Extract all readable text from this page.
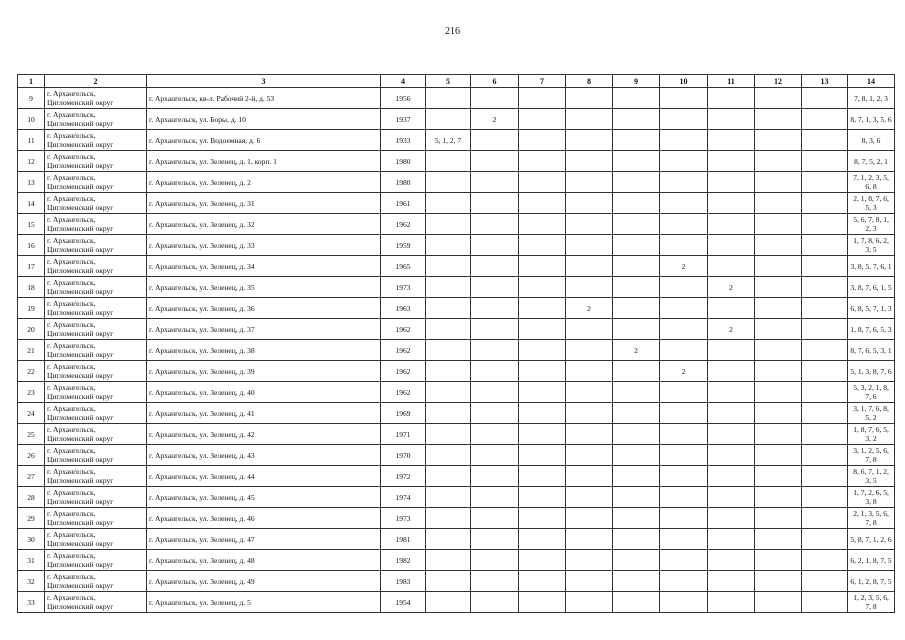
216
1	2	3	4	5	6	7	8	9	10	11	12	13	14
9	г. Архангельск,
Цигломенский округ	г. Архангельск, кв-л. Рабочий 2-й, д. 53	1956										7, 8, 1, 2, 3
10	г. Архангельск,
Цигломенский округ	г. Архангельск, ул. Боры, д. 10	1937		2								8, 7, 1, 3, 5, 6
11	г. Архангельск,
Цигломенский округ	г. Архангельск, ул. Водоемная, д. 6	1933	5, 1, 2, 7									8, 3, 6
12	г. Архангельск,
Цигломенский округ	г. Архангельск, ул. Зеленец, д. 1, корп. 1	1980										8, 7, 5, 2, 1
13	г. Архангельск,
Цигломенский округ	г. Архангельск, ул. Зеленец, д. 2	1980										7, 1, 2, 3, 5, 6, 8
14	г. Архангельск,
Цигломенский округ	г. Архангельск, ул. Зеленец, д. 31	1961										2, 1, 8, 7, 6, 5, 3
15	г. Архангельск,
Цигломенский округ	г. Архангельск, ул. Зеленец, д. 32	1962										5, 6, 7, 8, 1, 2, 3
16	г. Архангельск,
Цигломенский округ	г. Архангельск, ул. Зеленец, д. 33	1959										1, 7, 8, 6, 2, 3, 5
17	г. Архангельск,
Цигломенский округ	г. Архангельск, ул. Зеленец, д. 34	1965						2				3, 8, 5, 7, 6, 1
18	г. Архангельск,
Цигломенский округ	г. Архангельск, ул. Зеленец, д. 35	1973							2			3, 8, 7, 6, 1, 5
19	г. Архангельск,
Цигломенский округ	г. Архангельск, ул. Зеленец, д. 36	1963				2						6, 8, 5, 7, 1, 3
20	г. Архангельск,
Цигломенский округ	г. Архангельск, ул. Зеленец, д. 37	1962							2			1, 8, 7, 6, 5, 3
21	г. Архангельск,
Цигломенский округ	г. Архангельск, ул. Зеленец, д. 38	1962					2					8, 7, 6, 5, 3, 1
22	г. Архангельск,
Цигломенский округ	г. Архангельск, ул. Зеленец, д. 39	1962						2				5, 1, 3, 8, 7, 6
23	г. Архангельск,
Цигломенский округ	г. Архангельск, ул. Зеленец, д. 40	1962										5, 3, 2, 1, 8, 7, 6
24	г. Архангельск,
Цигломенский округ	г. Архангельск, ул. Зеленец, д. 41	1969										3, 1, 7, 6, 8, 5, 2
25	г. Архангельск,
Цигломенский округ	г. Архангельск, ул. Зеленец, д. 42	1971										1, 8, 7, 6, 5, 3, 2
26	г. Архангельск,
Цигломенский округ	г. Архангельск, ул. Зеленец, д. 43	1970										3, 1, 2, 5, 6, 7, 8
27	г. Архангельск,
Цигломенский округ	г. Архангельск, ул. Зеленец, д. 44	1972										8, 6, 7, 1, 2, 3, 5
28	г. Архангельск,
Цигломенский округ	г. Архангельск, ул. Зеленец, д. 45	1974										1, 7, 2, 6, 5, 3, 8
29	г. Архангельск,
Цигломенский округ	г. Архангельск, ул. Зеленец, д. 46	1973										2, 1, 3, 5, 6, 7, 8
30	г. Архангельск,
Цигломенский округ	г. Архангельск, ул. Зеленец, д. 47	1981										5, 8, 7, 1, 2, 6
31	г. Архангельск,
Цигломенский округ	г. Архангельск, ул. Зеленец, д. 48	1982										6, 2, 1, 8, 7, 5
32	г. Архангельск,
Цигломенский округ	г. Архангельск, ул. Зеленец, д. 49	1983										6, 1, 2, 8, 7, 5
33	г. Архангельск,
Цигломенский округ	г. Архангельск, ул. Зеленец, д. 5	1954										1, 2, 3, 5, 6, 7, 8
